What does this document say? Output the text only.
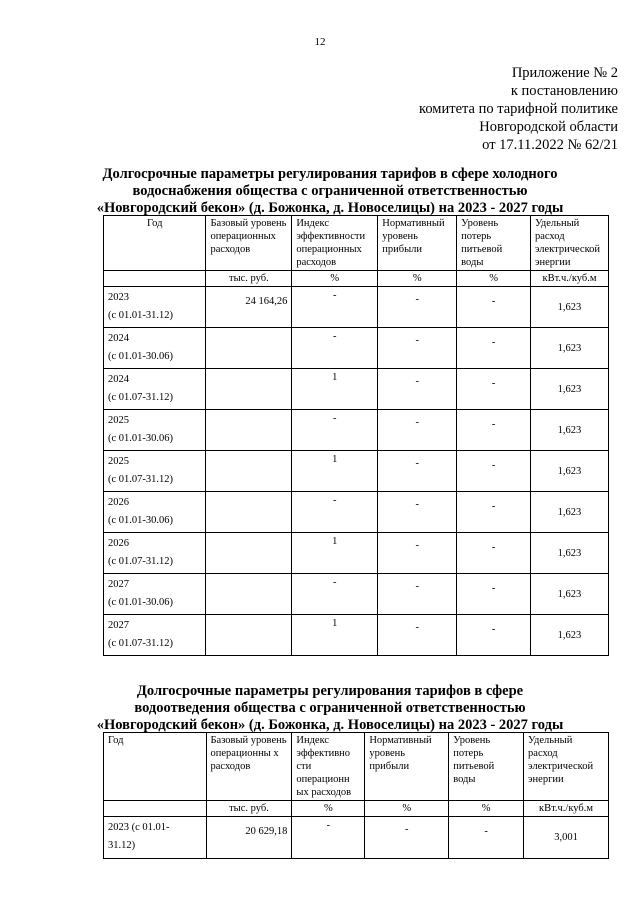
12
Приложение № 2
к постановлению
комитета по тарифной политике
Новгородской области
от 17.11.2022 № 62/21
Долгосрочные параметры регулирования тарифов в сфере холодного
водоснабжения общества с ограниченной ответственностью
«Новгородский бекон» (д. Божонка, д. Новоселицы) на 2023 - 2027 годы
Год	Базовый уровень операционных расходов	Индекс эффективности операционных расходов	Нормативный уровень прибыли	Уровень потерь питьевой воды	Удельный расход электрической энергии
	тыс. руб.	%	%	%	кВт.ч./куб.м

2023
(с 01.01-31.12)	24 164,26	-	-	-	1,623

2024
(с 01.01-30.06)		-	-	-	1,623

2024
(с 01.07-31.12)		1	-	-	1,623

2025
(с 01.01-30.06)		-	-	-	1,623

2025
(с 01.07-31.12)		1	-	-	1,623

2026
(с 01.01-30.06)		-	-	-	1,623

2026
(с 01.07-31.12)		1	-	-	1,623

2027
(с 01.01-30.06)		-	-	-	1,623

2027
(с 01.07-31.12)		1	-	-	1,623
Долгосрочные параметры регулирования тарифов в сфере
водоотведения общества с ограниченной ответственностью
«Новгородский бекон» (д. Божонка, д. Новоселицы) на 2023 - 2027 годы
Год	Базовый уровень операционны х расходов	Индекс эффективно сти операционн ых расходов	Нормативный уровень прибыли	Уровень потерь питьевой воды	Удельный расход электрической энергии
	тыс. руб.	%	%	%	кВт.ч./куб.м

2023 (с 01.01-
31.12)	20 629,18	-	-	-	3,001
